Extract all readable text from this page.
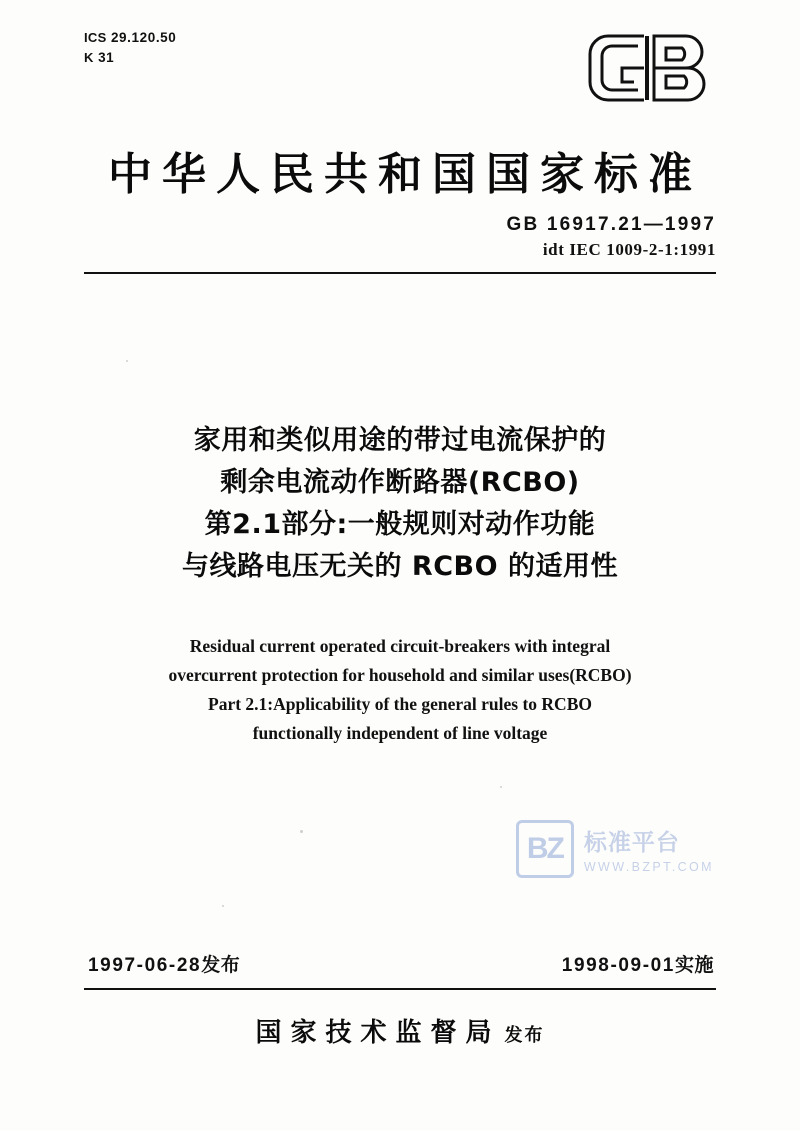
ICS 29.120.50
K 31
中华人民共和国国家标准
GB 16917.21—1997
idt IEC 1009-2-1:1991
家用和类似用途的带过电流保护的
剩余电流动作断路器(RCBO)
第2.1部分:一般规则对动作功能
与线路电压无关的 RCBO 的适用性
Residual current operated circuit-breakers with integral
overcurrent protection for household and similar uses(RCBO)
Part 2.1:Applicability of the general rules to RCBO
functionally independent of line voltage
BZ 标准平台
WWW.BZPT.COM
1997-06-28发布	1998-09-01实施
国家技术监督局 发布
